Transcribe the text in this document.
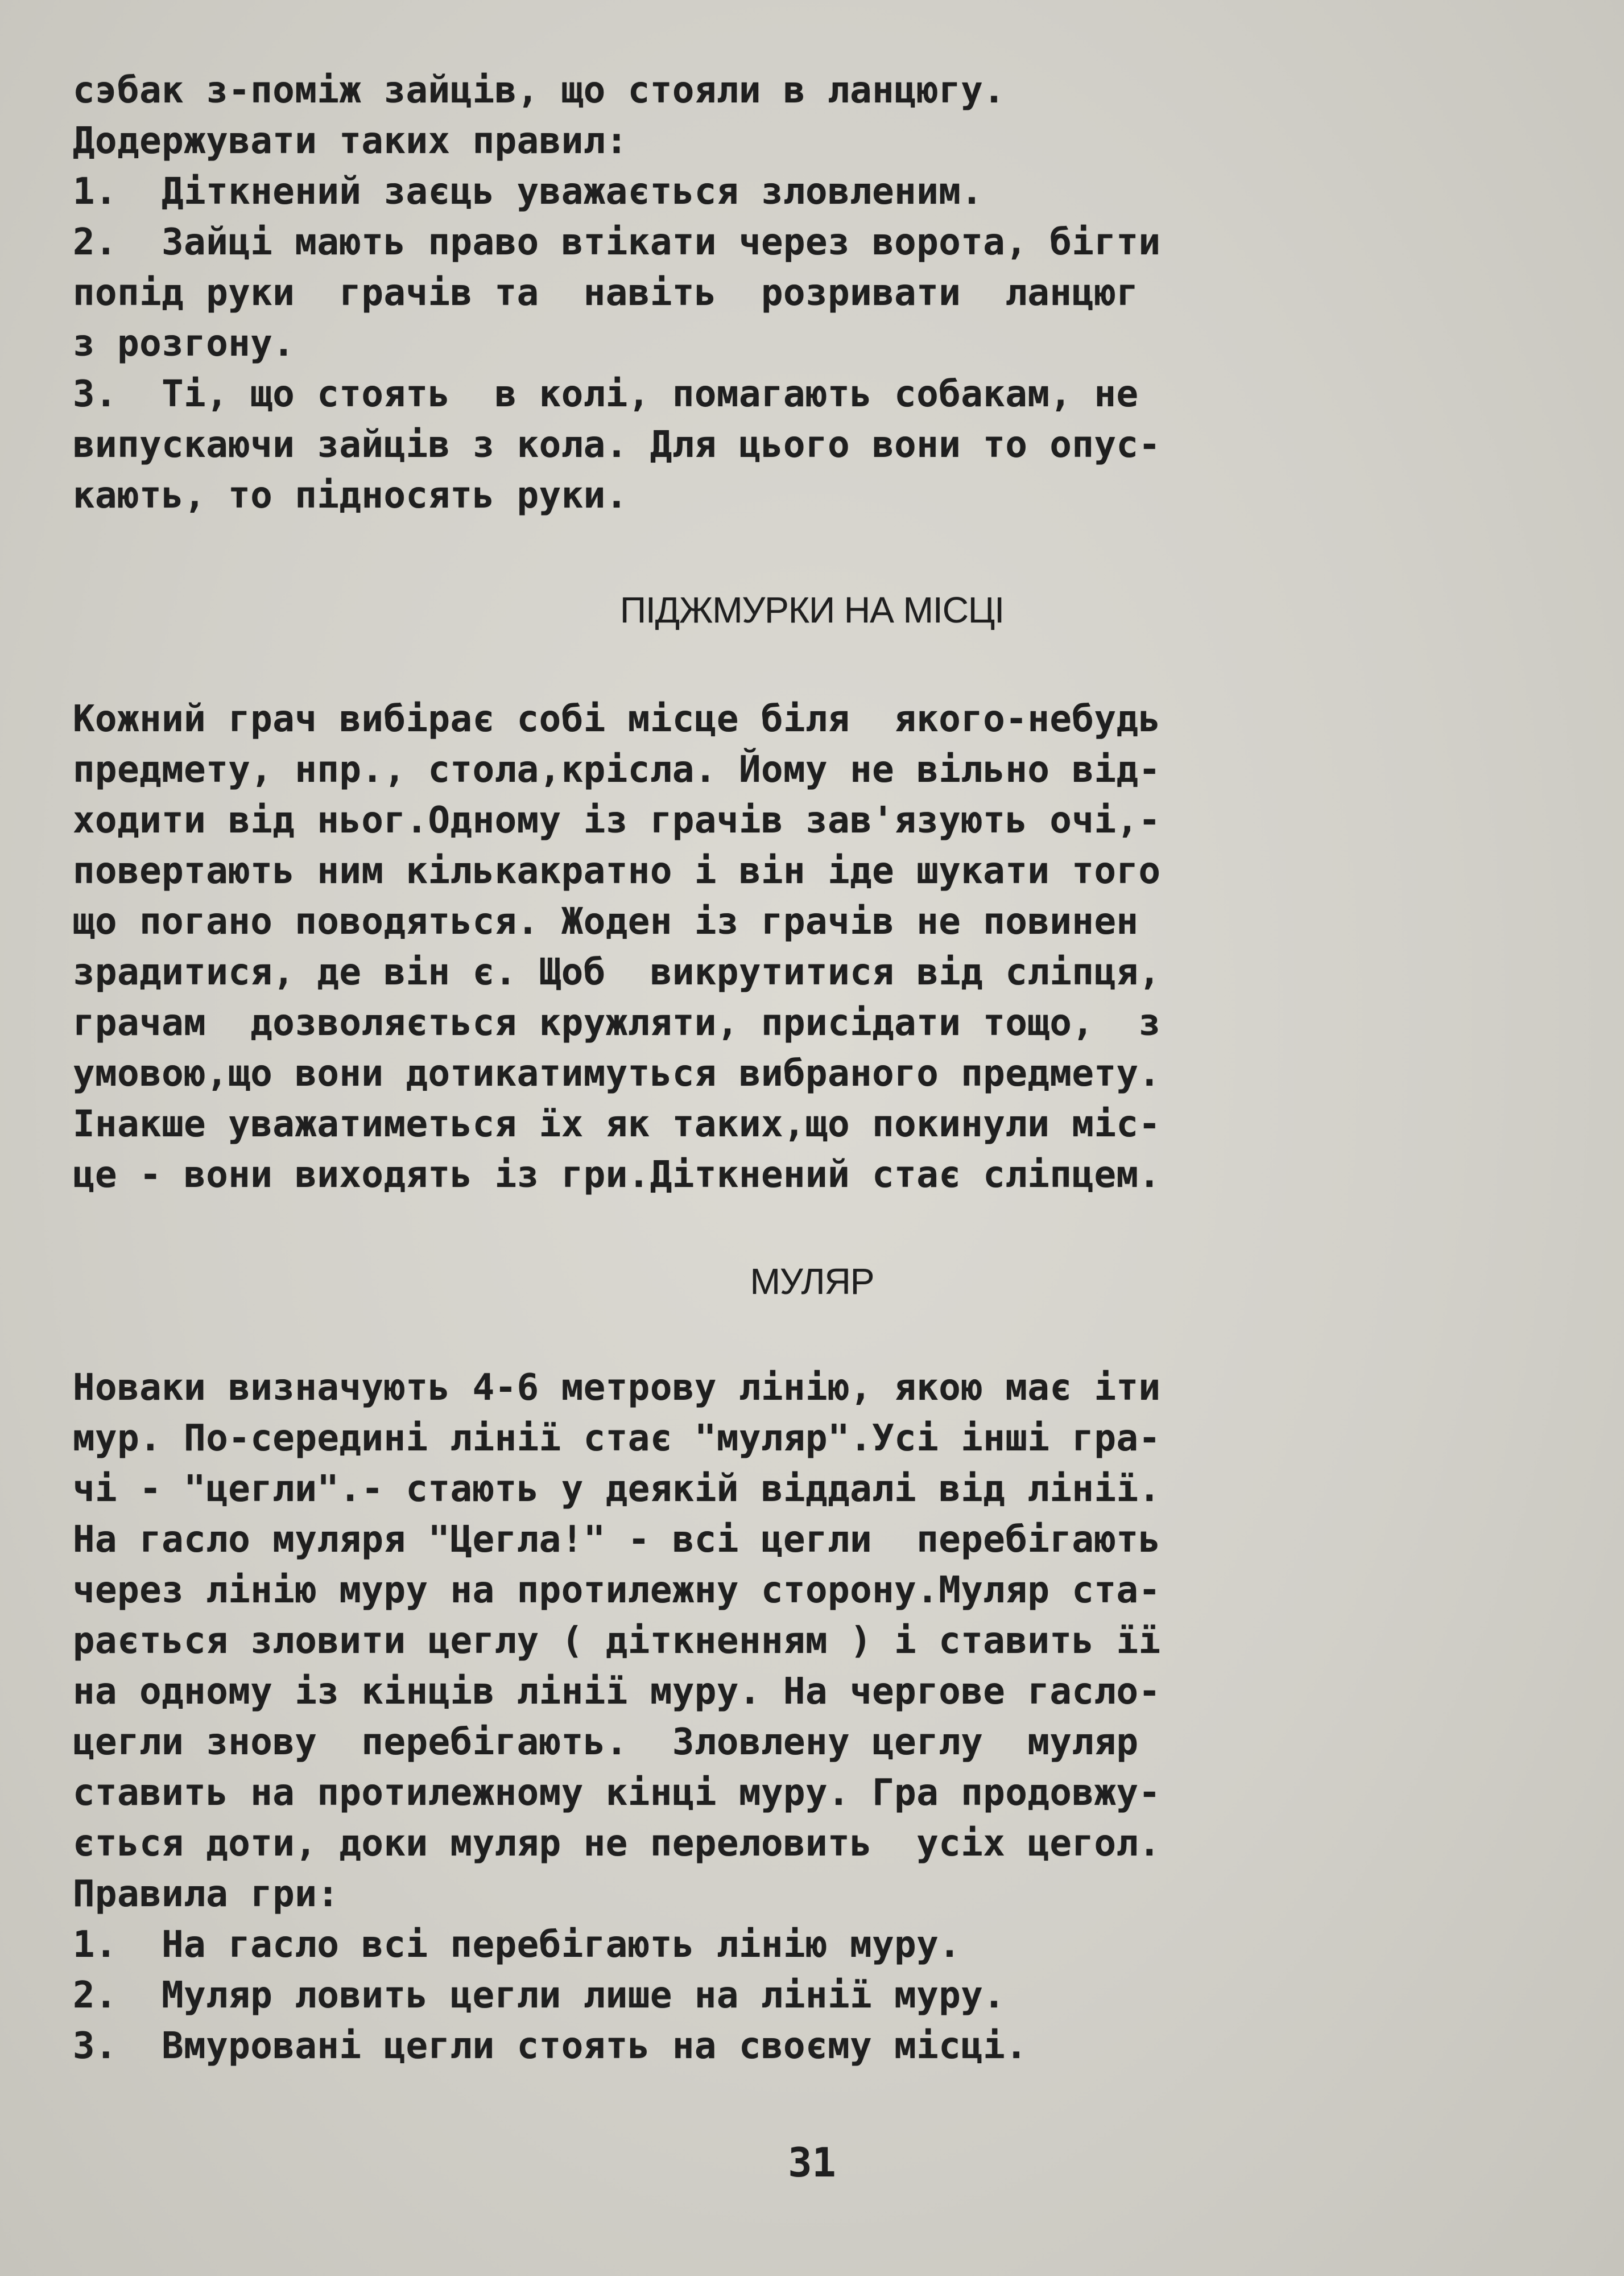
сэбак з-поміж зайців, що стояли в ланцюгу.
Додержувати таких правил:
1.  Діткнений заєць уважається зловленим.
2.  Зайці мають право втікати через ворота, бігти
попід руки  грачів та  навіть  розривати  ланцюг
з розгону.
3.  Ті, що стоять  в колі, помагають собакам, не
випускаючи зайців з кола. Для цього вони то опус-
кають, то підносять руки.
ПІДЖМУРКИ НА МІСЦІ
Кожний грач вибірає собі місце біля  якого-небудь
предмету, нпр., стола,крісла. Йому не вільно від-
ходити від ньог.Одному із грачів зав'язують очі,-
повертають ним кількакратно і він іде шукати того
що погано поводяться. Жоден із грачів не повинен
зрадитися, де він є. Щоб  викрутитися від сліпця,
грачам  дозволяється кружляти, присідати тощо,  з
умовою,що вони дотикатимуться вибраного предмету.
Інакше уважатиметься їх як таких,що покинули міс-
це - вони виходять із гри.Діткнений стає сліпцем.
МУЛЯР
Новаки визначують 4-6 метрову лінію, якою має іти
мур. По-середині лінії стає "муляр".Усі інші гра-
чі - "цегли".- стають у деякій віддалі від лінії.
На гасло муляря "Цегла!" - всі цегли  перебігають
через лінію муру на протилежну сторону.Муляр ста-
рається зловити цеглу ( діткненням ) і ставить її
на одному із кінців лінії муру. На чергове гасло-
цегли знову  перебігають.  Зловлену цеглу  муляр
ставить на протилежному кінці муру. Гра продовжу-
ється доти, доки муляр не переловить  усіх цегол.
Правила гри:
1.  На гасло всі перебігають лінію муру.
2.  Муляр ловить цегли лише на лінії муру.
3.  Вмуровані цегли стоять на своєму місці.
31
